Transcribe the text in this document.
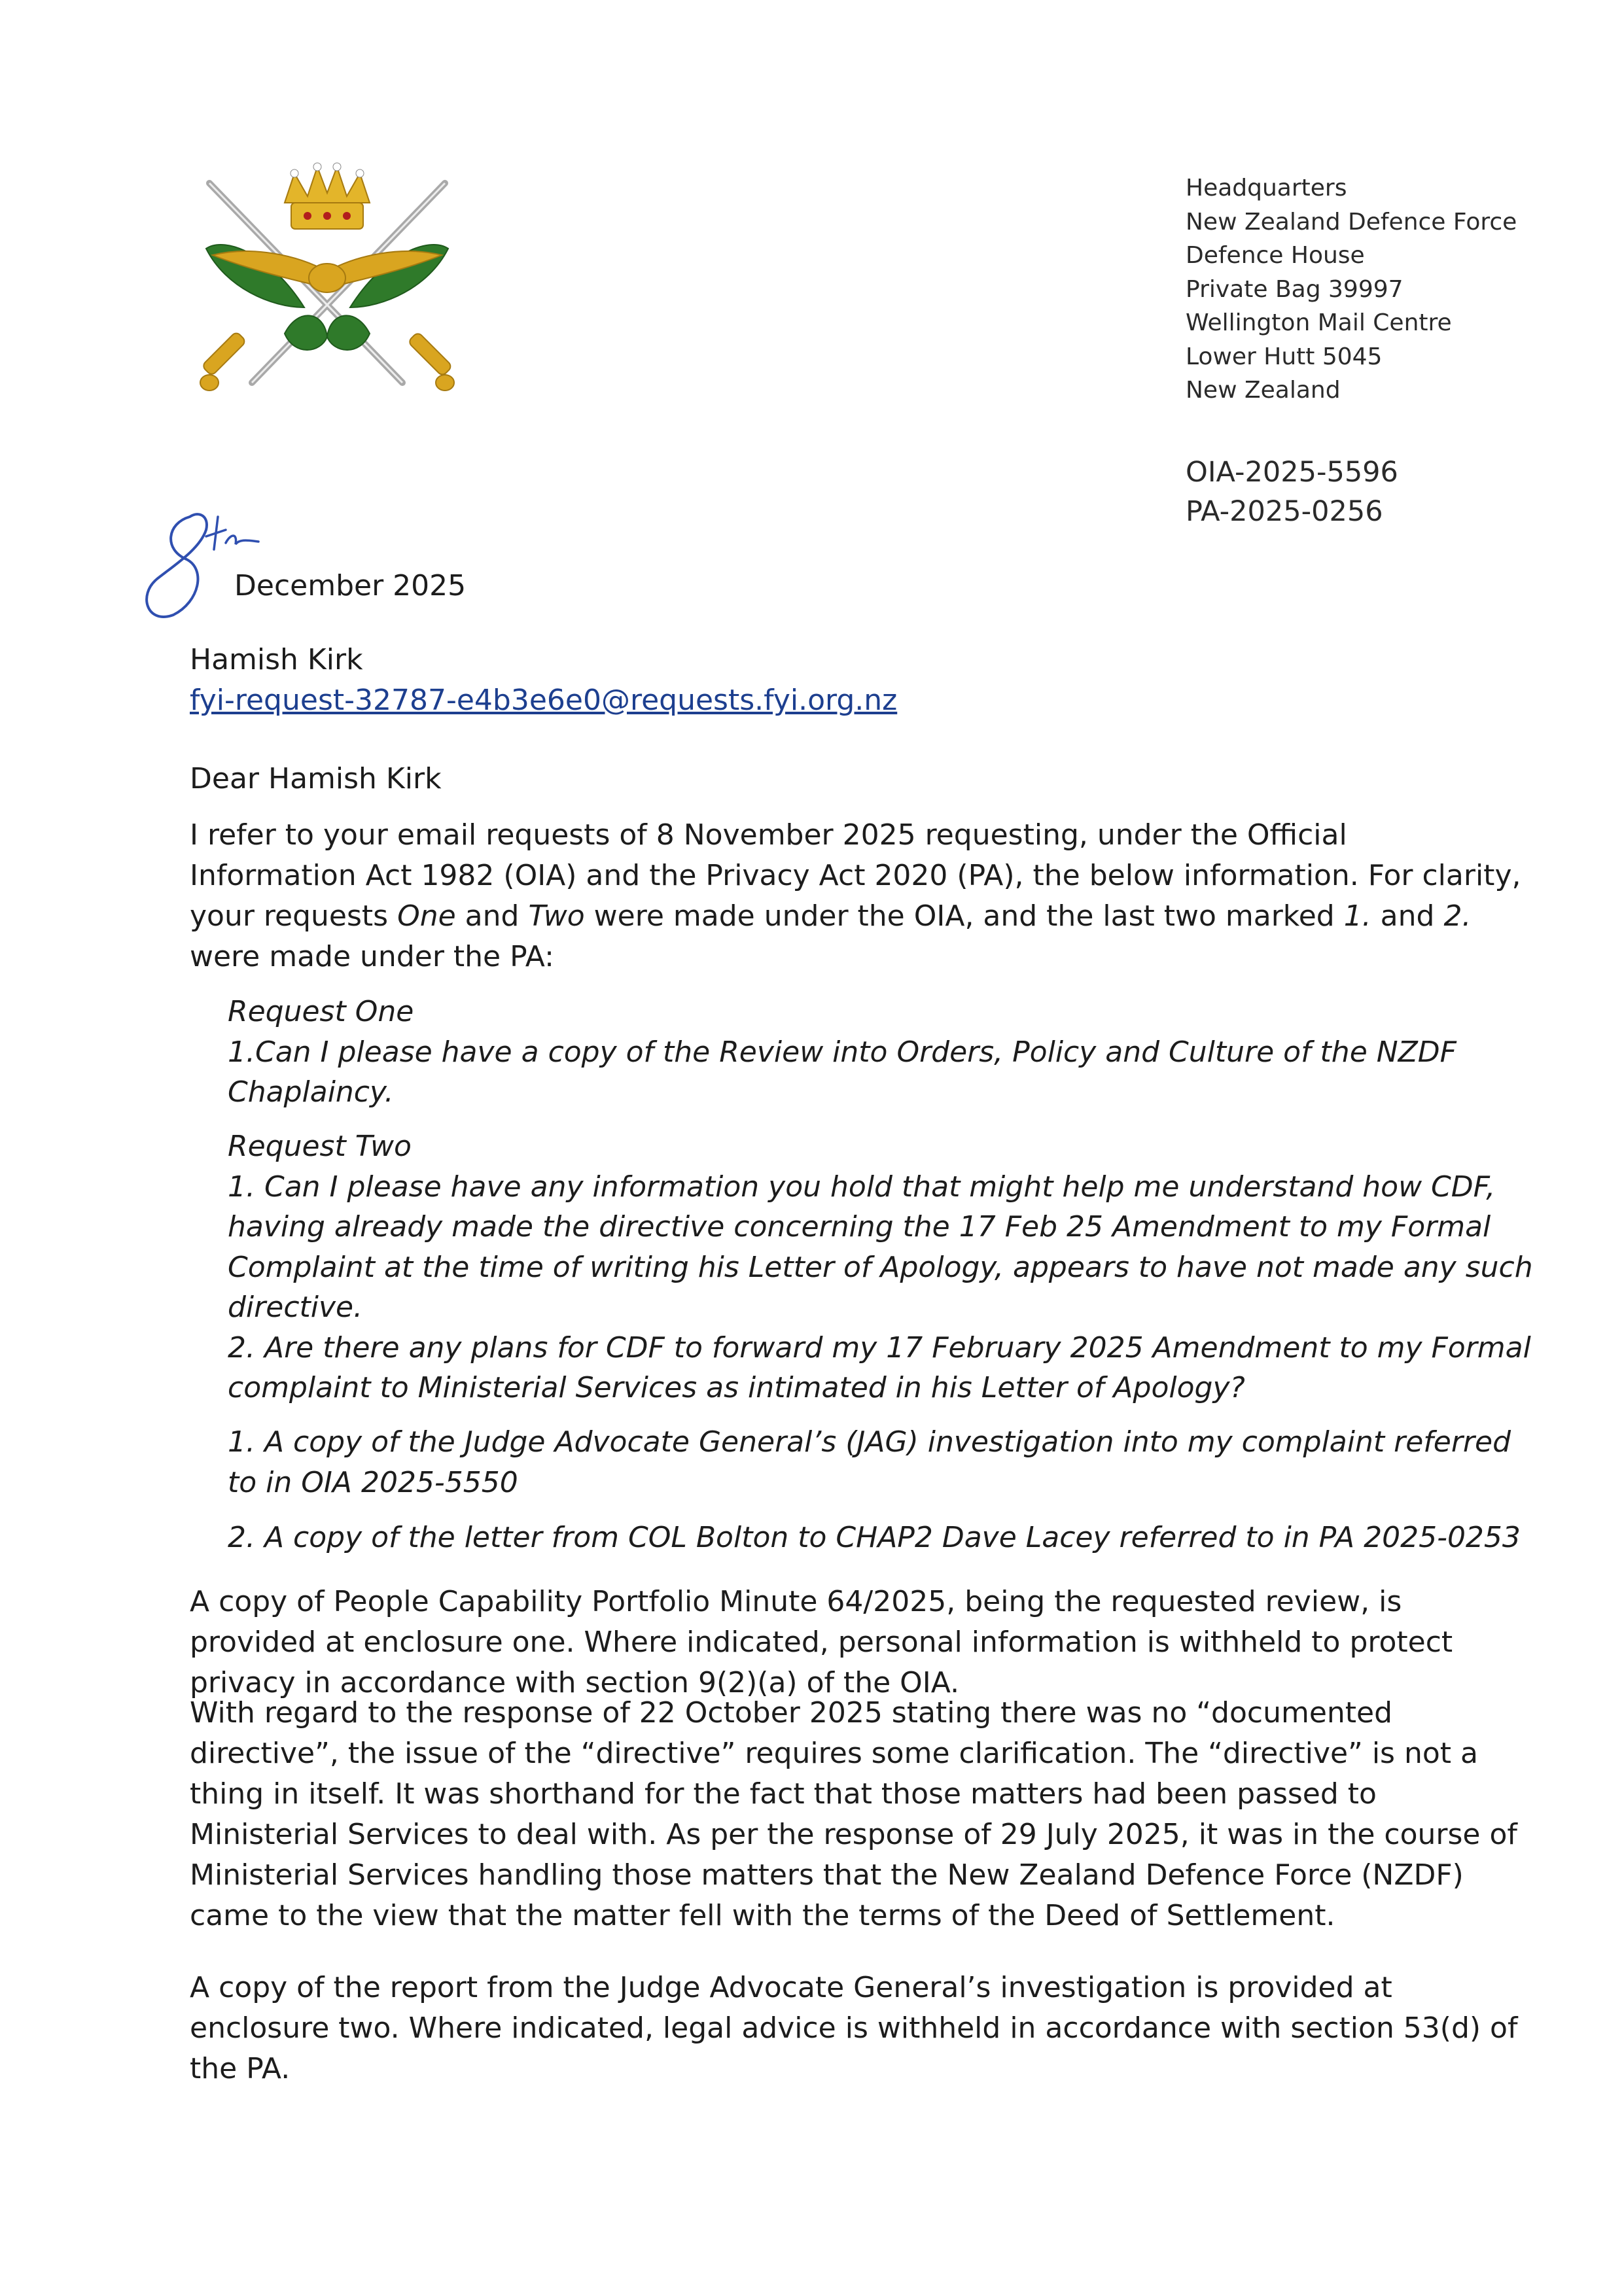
Headquarters
New Zealand Defence Force
Defence House
Private Bag 39997
Wellington Mail Centre
Lower Hutt 5045
New Zealand
OIA-2025-5596
PA-2025-0256
December 2025
Hamish Kirk
fyi-request-32787-e4b3e6e0@requests.fyi.org.nz
Dear Hamish Kirk
I refer to your email requests of 8 November 2025 requesting, under the Official
Information Act 1982 (OIA) and the Privacy Act 2020 (PA), the below information. For clarity,
your requests One and Two were made under the OIA, and the last two marked 1. and 2.
were made under the PA:
Request One
1.Can I please have a copy of the Review into Orders, Policy and Culture of the NZDF
Chaplaincy.
Request Two
1. Can I please have any information you hold that might help me understand how CDF,
having already made the directive concerning the 17 Feb 25 Amendment to my Formal
Complaint at the time of writing his Letter of Apology, appears to have not made any such
directive.
2. Are there any plans for CDF to forward my 17 February 2025 Amendment to my Formal
complaint to Ministerial Services as intimated in his Letter of Apology?
1. A copy of the Judge Advocate General’s (JAG) investigation into my complaint referred
to in OIA 2025-5550
2. A copy of the letter from COL Bolton to CHAP2 Dave Lacey referred to in PA 2025-0253
A copy of People Capability Portfolio Minute 64/2025, being the requested review, is
provided at enclosure one. Where indicated, personal information is withheld to protect
privacy in accordance with section 9(2)(a) of the OIA.
With regard to the response of 22 October 2025 stating there was no “documented
directive”, the issue of the “directive” requires some clarification. The “directive” is not a
thing in itself. It was shorthand for the fact that those matters had been passed to
Ministerial Services to deal with. As per the response of 29 July 2025, it was in the course of
Ministerial Services handling those matters that the New Zealand Defence Force (NZDF)
came to the view that the matter fell with the terms of the Deed of Settlement.
A copy of the report from the Judge Advocate General’s investigation is provided at
enclosure two. Where indicated, legal advice is withheld in accordance with section 53(d) of
the PA.
